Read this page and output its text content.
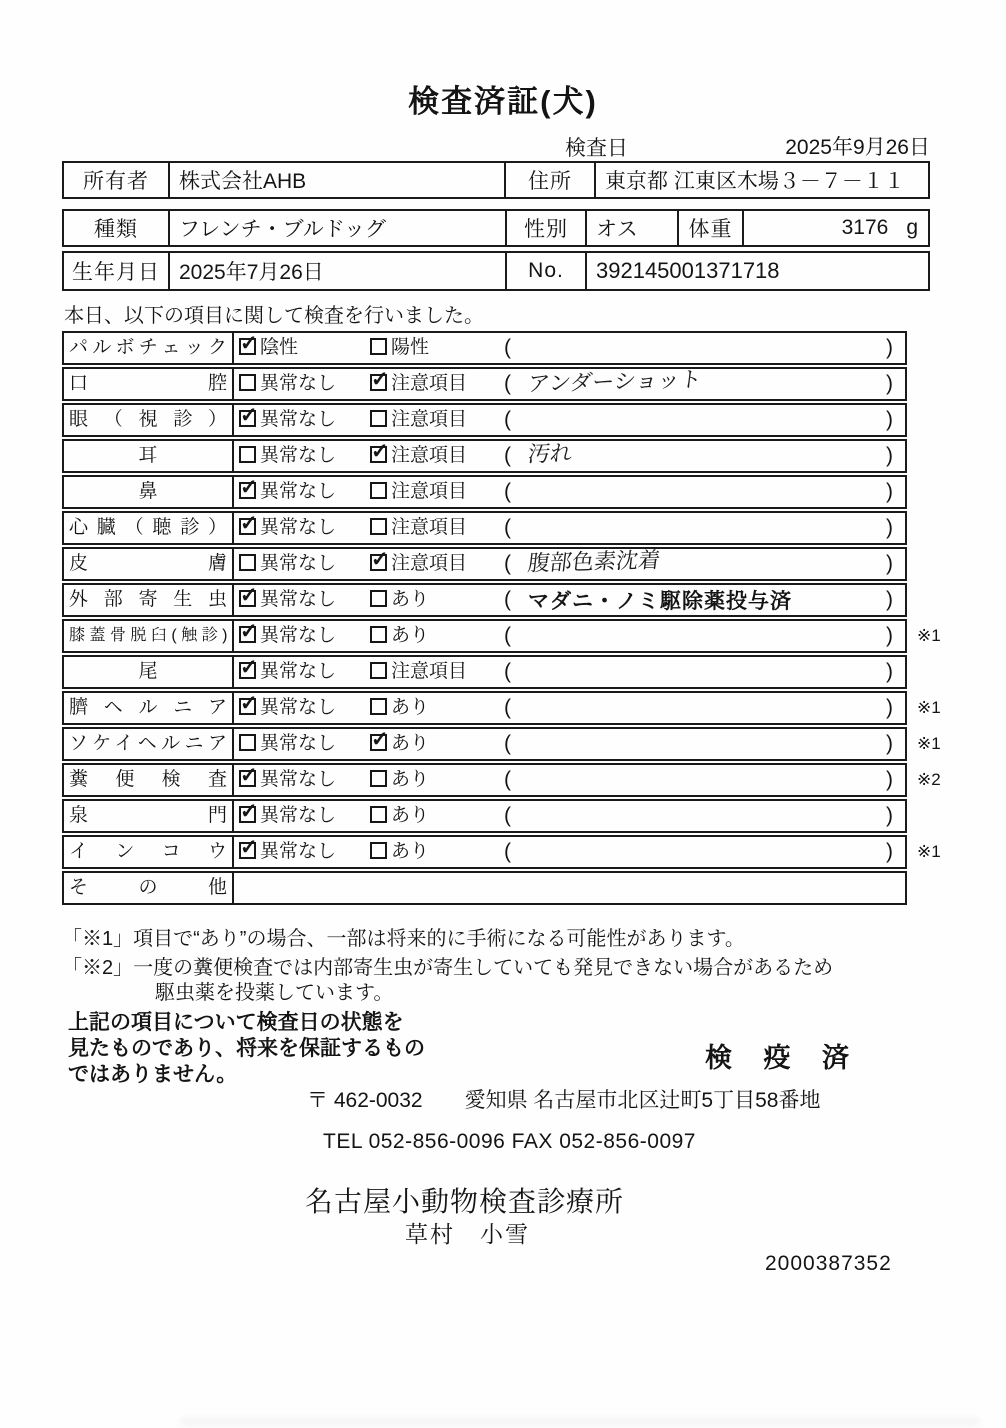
検査済証(犬)
検査日	2025年9月26日
所有者	株式会社AHB	住所	東京都 江東区木場３－７－１１
種類	フレンチ・ブルドッグ	性別	オス	体重	3176 g
生年月日 2025年7月26日	No.	392145001371718
本日、以下の項目に関して検査を行いました。
パルボチェック ✓	陰性	陽性	(	)
口腔	異常なし ✓	注意項目 ( アンダーショット	)
眼（視診） ✓	異常なし	注意項目 (	)
耳	異常なし ✓	注意項目 ( 汚れ	)
鼻 ✓	異常なし	注意項目 (	)
心臓（聴診） ✓	異常なし	注意項目 (	)
皮膚	異常なし ✓	注意項目 ( 腹部色素沈着	)
外部寄生虫 ✓	異常なし	あり	( マダニ・ノミ駆除薬投与済	)
膝蓋骨脱臼(触診) ✓	異常なし	あり	(	)	※1
尾 ✓	異常なし	注意項目 (	)
臍ヘルニア ✓	異常なし	あり	(	)	※1
ソケイヘルニア	異常なし ✓	あり	(	)	※1
糞便検査 ✓	異常なし	あり	(	)	※2
泉門 ✓	異常なし	あり	(	)
インコウ ✓	異常なし	あり	(	)	※1
その他
「※1」項目で“あり”の場合、一部は将来的に手術になる可能性があります。
「※2」一度の糞便検査では内部寄生虫が寄生していても発見できない場合があるため
駆虫薬を投薬しています。
上記の項目について検査日の状態を
見たものであり、将来を保証するもの
ではありません。
検 疫 済
〒 462-0032　　愛知県 名古屋市北区辻町5丁目58番地
TEL 052-856-0096 FAX 052-856-0097
名古屋小動物検査診療所
草村　小雪
2000387352
